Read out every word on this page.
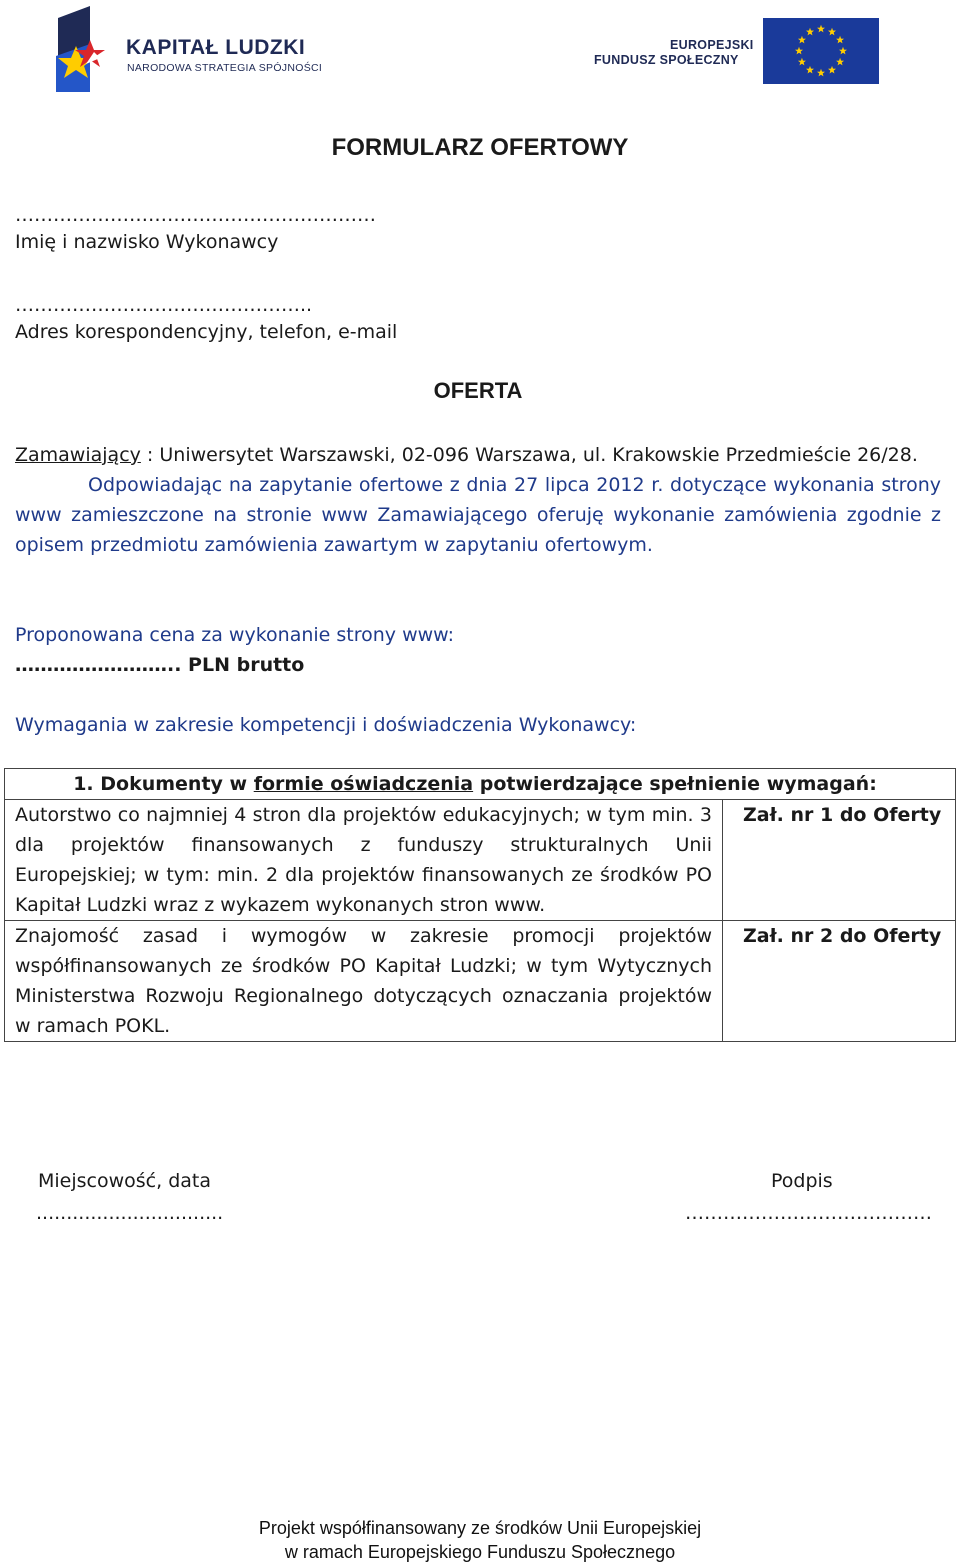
KAPITAŁ LUDZKI
NARODOWA STRATEGIA SPÓJNOŚCI
EUROPEJSKI
FUNDUSZ SPOŁECZNY
FORMULARZ OFERTOWY
…………………………………………………
Imię i nazwisko Wykonawcy
………………………………………..
Adres korespondencyjny, telefon, e-mail
OFERTA

Zamawiający : Uniwersytet Warszawski, 02-096 Warszawa, ul. Krakowskie Przedmieście 26/28.

Odpowiadając na zapytanie ofertowe z dnia 27 lipca 2012 r. dotyczące wykonania strony www zamieszczone na stronie www Zamawiającego oferuję wykonanie zamówienia zgodnie z opisem przedmiotu zamówienia zawartym w zapytaniu ofertowym.

Proponowana cena za wykonanie strony www:
…………………….. PLN brutto
Wymagania w zakresie kompetencji i doświadczenia Wykonawcy:
1. Dokumenty w formie oświadczenia potwierdzające spełnienie wymagań:	
Autorstwo co najmniej 4 stron dla projektów edukacyjnych; w tym min. 3 dla projektów finansowanych z funduszy strukturalnych Unii Europejskiej; w tym: min. 2 dla projektów finansowanych ze środków PO Kapitał Ludzki wraz z wykazem wykonanych stron www.	Zał. nr 1 do Oferty
Znajomość zasad i wymogów w zakresie promocji projektów współfinansowanych ze środków PO Kapitał Ludzki; w tym Wytycznych Ministerstwa Rozwoju Regionalnego dotyczących oznaczania projektów w ramach POKL.	Zał. nr 2 do Oferty
Miejscowość, data
...............................
Podpis
…………………………………
Projekt współfinansowany ze środków Unii Europejskiej
w ramach Europejskiego Funduszu Społecznego
